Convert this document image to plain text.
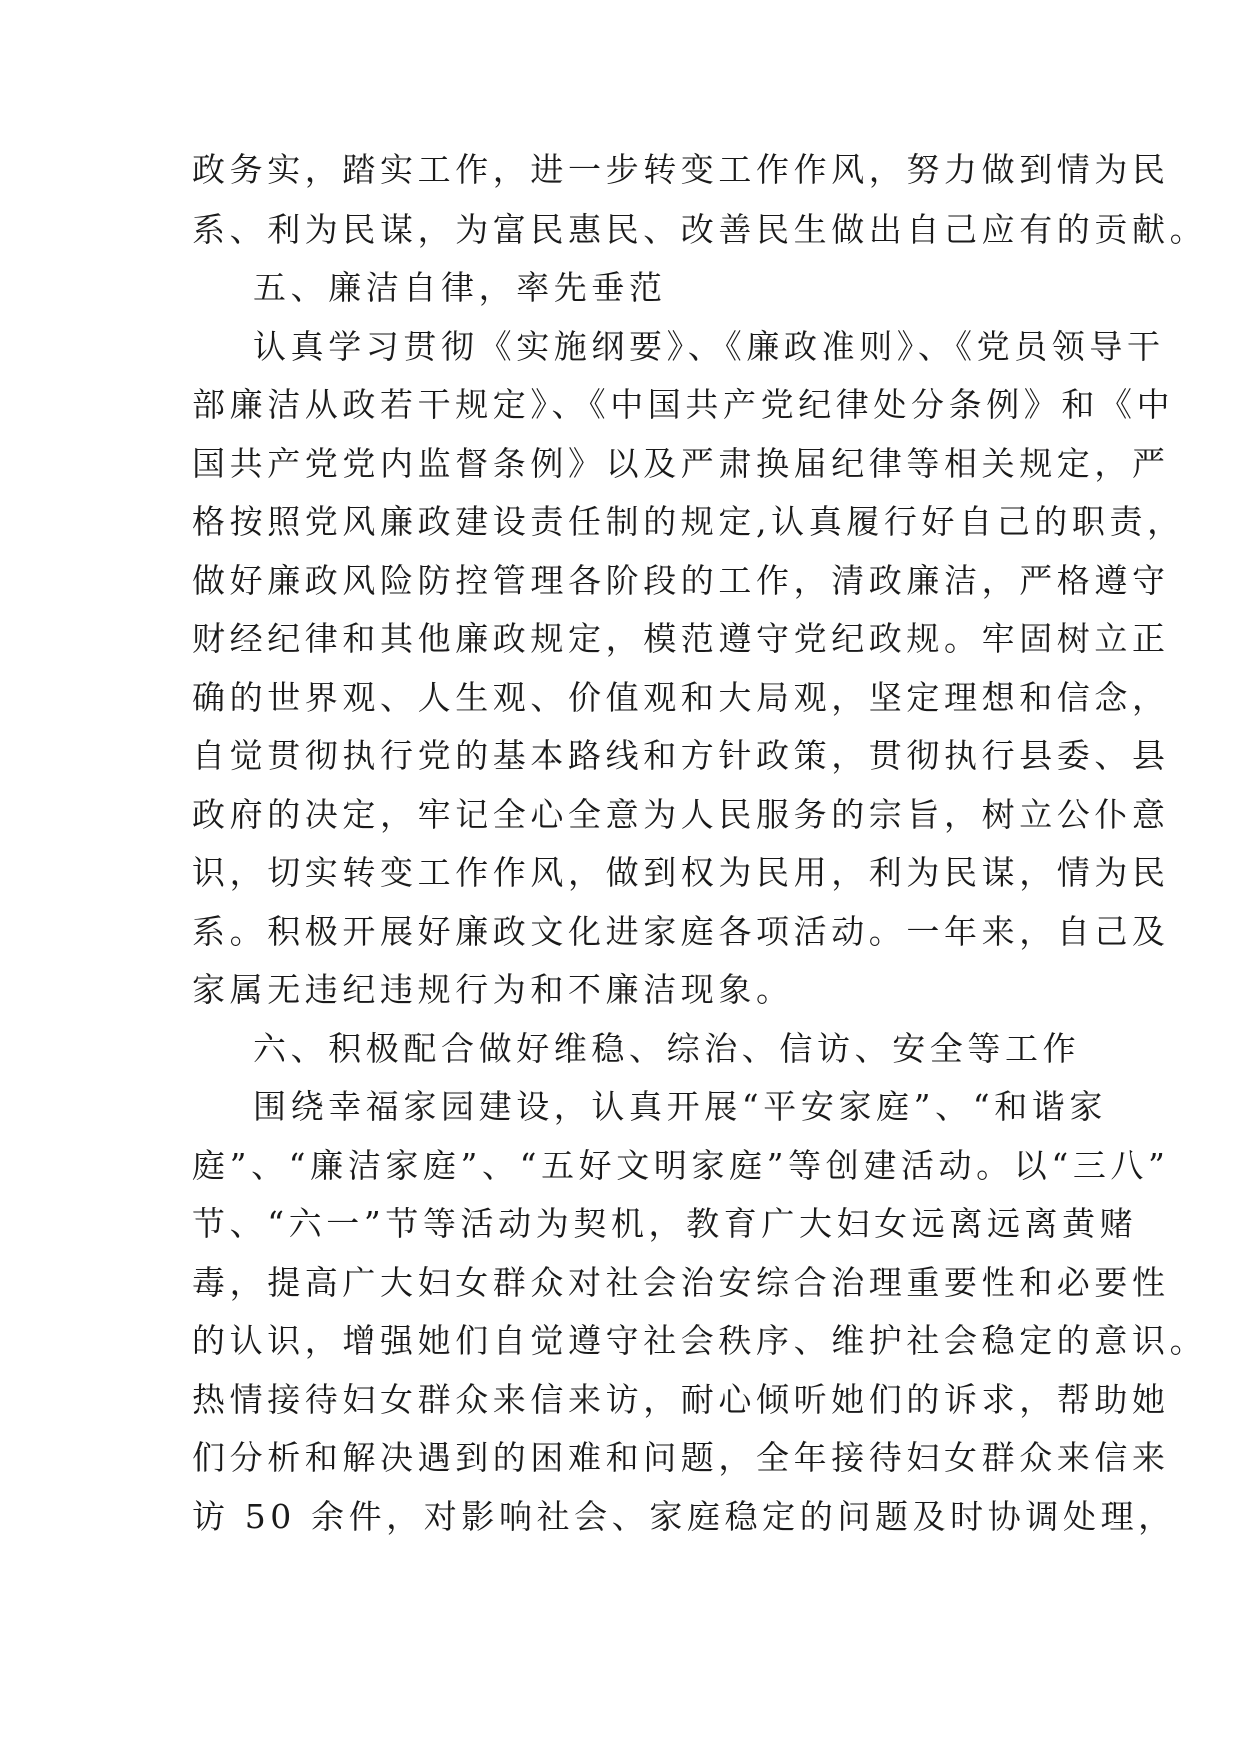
政务实，踏实工作，进一步转变工作作风，努力做到情为民
系、利为民谋，为富民惠民、改善民生做出自己应有的贡献。
五、廉洁自律，率先垂范
认真学习贯彻《实施纲要》、《廉政准则》、《党员领导干
部廉洁从政若干规定》、《中国共产党纪律处分条例》和《中
国共产党党内监督条例》以及严肃换届纪律等相关规定，严
格按照党风廉政建设责任制的规定,认真履行好自己的职责，
做好廉政风险防控管理各阶段的工作，清政廉洁，严格遵守
财经纪律和其他廉政规定，模范遵守党纪政规。牢固树立正
确的世界观、人生观、价值观和大局观，坚定理想和信念，
自觉贯彻执行党的基本路线和方针政策，贯彻执行县委、县
政府的决定，牢记全心全意为人民服务的宗旨，树立公仆意
识，切实转变工作作风，做到权为民用，利为民谋，情为民
系。积极开展好廉政文化进家庭各项活动。一年来，自己及
家属无违纪违规行为和不廉洁现象。
六、积极配合做好维稳、综治、信访、安全等工作
围绕幸福家园建设，认真开展“平安家庭”、“和谐家
庭”、“廉洁家庭”、“五好文明家庭”等创建活动。以“三八”
节、“六一”节等活动为契机，教育广大妇女远离远离黄赌
毒，提高广大妇女群众对社会治安综合治理重要性和必要性
的认识，增强她们自觉遵守社会秩序、维护社会稳定的意识。
热情接待妇女群众来信来访，耐心倾听她们的诉求，帮助她
们分析和解决遇到的困难和问题，全年接待妇女群众来信来
访 50 余件，对影响社会、家庭稳定的问题及时协调处理，
